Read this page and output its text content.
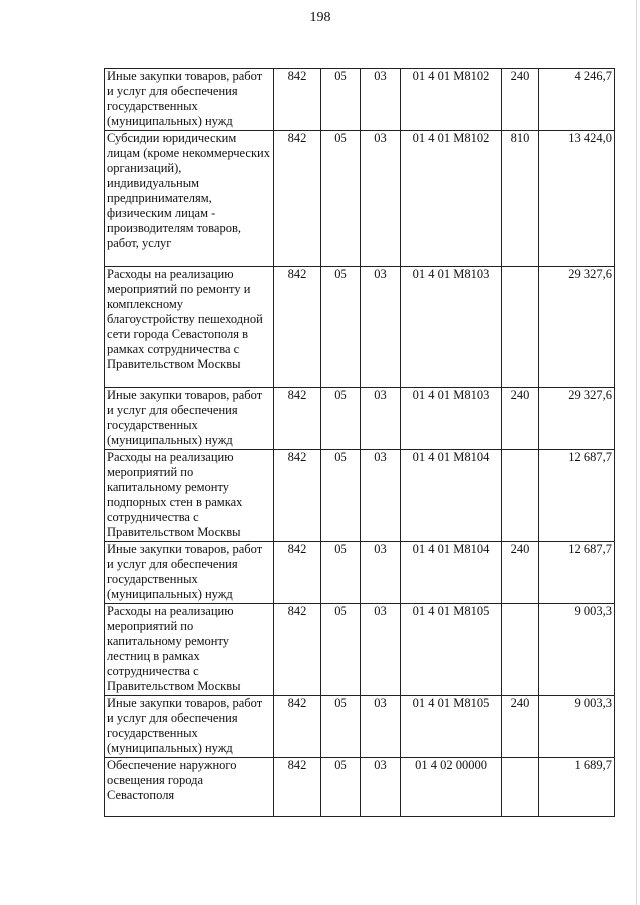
198
Иные закупки товаров, работ и услуг для обеспечения государственных (муниципальных) нужд	842	05	03	01 4 01 M8102	240	4 246,7
Субсидии юридическим лицам (кроме некоммерческих организаций), индивидуальным предпринимателям, физическим лицам - производителям товаров, работ, услуг	842	05	03	01 4 01 M8102	810	13 424,0
Расходы на реализацию мероприятий по ремонту и комплексному благоустройству пешеходной сети города Севастополя в рамках сотрудничества с Правительством Москвы	842	05	03	01 4 01 M8103		29 327,6
Иные закупки товаров, работ и услуг для обеспечения государственных (муниципальных) нужд	842	05	03	01 4 01 M8103	240	29 327,6
Расходы на реализацию мероприятий по капитальному ремонту подпорных стен в рамках сотрудничества с Правительством Москвы	842	05	03	01 4 01 M8104		12 687,7
Иные закупки товаров, работ и услуг для обеспечения государственных (муниципальных) нужд	842	05	03	01 4 01 M8104	240	12 687,7
Расходы на реализацию мероприятий по капитальному ремонту лестниц в рамках сотрудничества с Правительством Москвы	842	05	03	01 4 01 M8105		9 003,3
Иные закупки товаров, работ и услуг для обеспечения государственных (муниципальных) нужд	842	05	03	01 4 01 M8105	240	9 003,3
Обеспечение наружного освещения города Севастополя	842	05	03	01 4 02 00000		1 689,7
